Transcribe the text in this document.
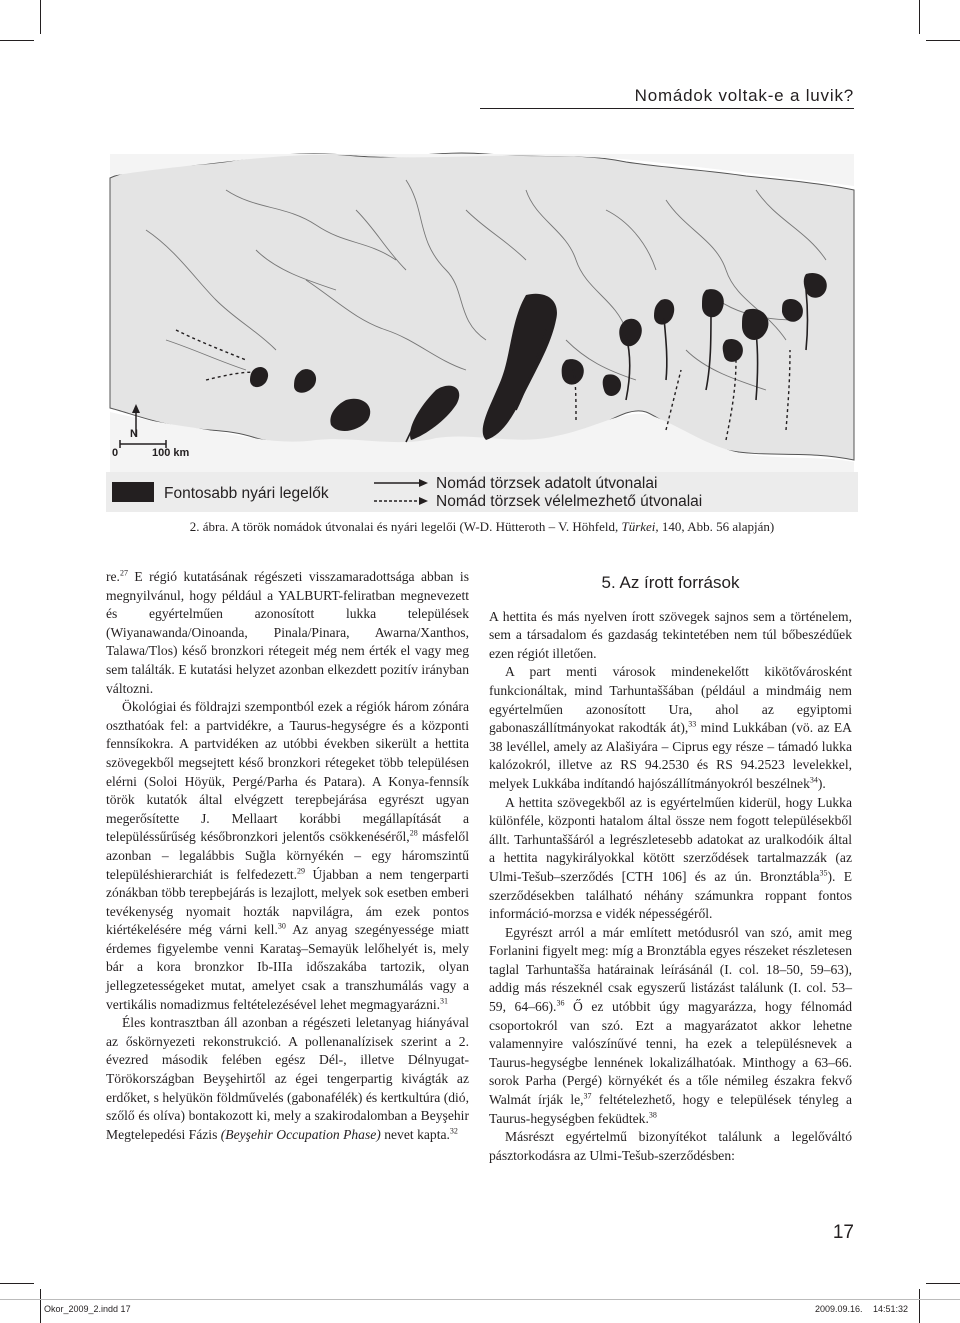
Nomádok voltak-e a luvik?
N
0	100 km
Fontosabb nyári legelők
Nomád törzsek adatolt útvonalai
Nomád törzsek vélelmezhető útvonalai
2. ábra. A török nomádok útvonalai és nyári legelői (W-D. Hütteroth – V. Höhfeld, Türkei, 140, Abb. 56 alapján)

re.$^{27}$ E régió kutatásának régészeti visszamaradottsága abban is megnyilvánul, hogy például a YALBURT-feliratban megnevezett és egyértelműen azonosított lukka települések (Wiyanawanda/Oinoanda, Pinala/Pinara, Awarna/Xanthos, Talawa/Tlos) késő bronzkori rétegeit még nem érték el vagy meg sem találták. E kutatási helyzet azonban elkezdett pozitív irányban változni.

Ökológiai és földrajzi szempontból ezek a régiók három zónára oszthatóak fel: a partvidékre, a Taurus-hegységre és a központi fennsíkokra. A partvidéken az utóbbi években sikerült a hettita szövegekből megsejtett késő bronzkori rétegeket több településen elérni (Soloi Höyük, Pergé/Parha és Patara). A Konya-fennsík török kutatók által elvégzett terepbejárása egyrészt ugyan megerősítette J. Mellaart korábbi megállapítását a településsűrűség későbronzkori jelentős csökkenéséről,$^{28}$ másfelől azonban – legalábbis Suğla környékén – egy háromszintű településhierarchiát is felfedezett.$^{29}$ Újabban a nem tengerparti zónákban több terepbejárás is lezajlott, melyek sok esetben emberi tevékenység nyomait hozták napvilágra, ám ezek pontos kiértékelésére még várni kell.$^{30}$ Az anyag szegényessége miatt érdemes figyelembe venni Karataş–Semayük lelőhelyét is, mely bár a kora bronzkor Ib-IIIa időszakába tartozik, olyan jellegzetességeket mutat, amelyet csak a transzhumálás vagy a vertikális nomadizmus feltételezésével lehet megmagyarázni.$^{31}$

Éles kontrasztban áll azonban a régészeti leletanyag hiányával az őskörnyezeti rekonstrukció. A pollenanalízisek szerint a 2. évezred második felében egész Dél-, illetve Délnyugat-Törökországban Beyşehirtől az égei tengerpartig kivágták az erdőket, s helyükön földművelés (gabonafélék) és kertkultúra (dió, szőlő és olíva) bontakozott ki, mely a szakirodalomban a Beyşehir Megtelepedési Fázis (Beyşehir Occupation Phase) nevet kapta.$^{32}$

5. Az írott források

A hettita és más nyelven írott szövegek sajnos sem a történelem, sem a társadalom és gazdaság tekintetében nem túl bőbeszédűek ezen régiót illetően.

A part menti városok mindenekelőtt kikötővárosként funkcionáltak, mind Tarhuntaššában (például a mindmáig nem egyértelműen azonosított Ura, ahol az egyiptomi gabonaszállítmányokat rakodták át),$^{33}$ mind Lukkában (vö. az EA 38 levéllel, amely az Alašiyára – Ciprus egy része – támadó lukka kalózokról, illetve az RS 94.2530 és RS 94.2523 levelekkel, melyek Lukkába indítandó hajószállítmányokról beszélnek$^{34}$).

A hettita szövegekből az is egyértelműen kiderül, hogy Lukka különféle, központi hatalom által össze nem fogott településekből állt. Tarhuntaššáról a legrészletesebb adatokat az uralkodóik által a hettita nagykirályokkal kötött szerződések tartalmazzák (az Ulmi-Tešub–szerződés [CTH 106] és az ún. Bronztábla$^{35}$). E szerződésekben található néhány számunkra roppant fontos információ-morzsa e vidék népességéről.

Egyrészt arról a már említett metódusról van szó, amit meg Forlanini figyelt meg: míg a Bronztábla egyes részeket részletesen taglal Tarhuntašša határainak leírásánál (I. col. 18–50, 59–63), addig más részeknél csak egyszerű listázást találunk (I. col. 53–59, 64–66).$^{36}$ Ő ez utóbbit úgy magyarázza, hogy félnomád csoportokról van szó. Ezt a magyarázatot akkor lehetne valamennyire valószínűvé tenni, ha ezek a településnevek a Taurus-hegységbe lennének lokalizálhatóak. Minthogy a 63–66. sorok Parha (Pergé) környékét és a tőle némileg északra fekvő Walmát írják le,$^{37}$ feltételezhető, hogy e települések tényleg a Taurus-hegységben feküdtek.$^{38}$

Másrészt egyértelmű bizonyítékot találunk a legelőváltó pásztorkodásra az Ulmi-Tešub-szerződésben:

17
Okor_2009_2.indd 17	2009.09.16. 14:51:32
